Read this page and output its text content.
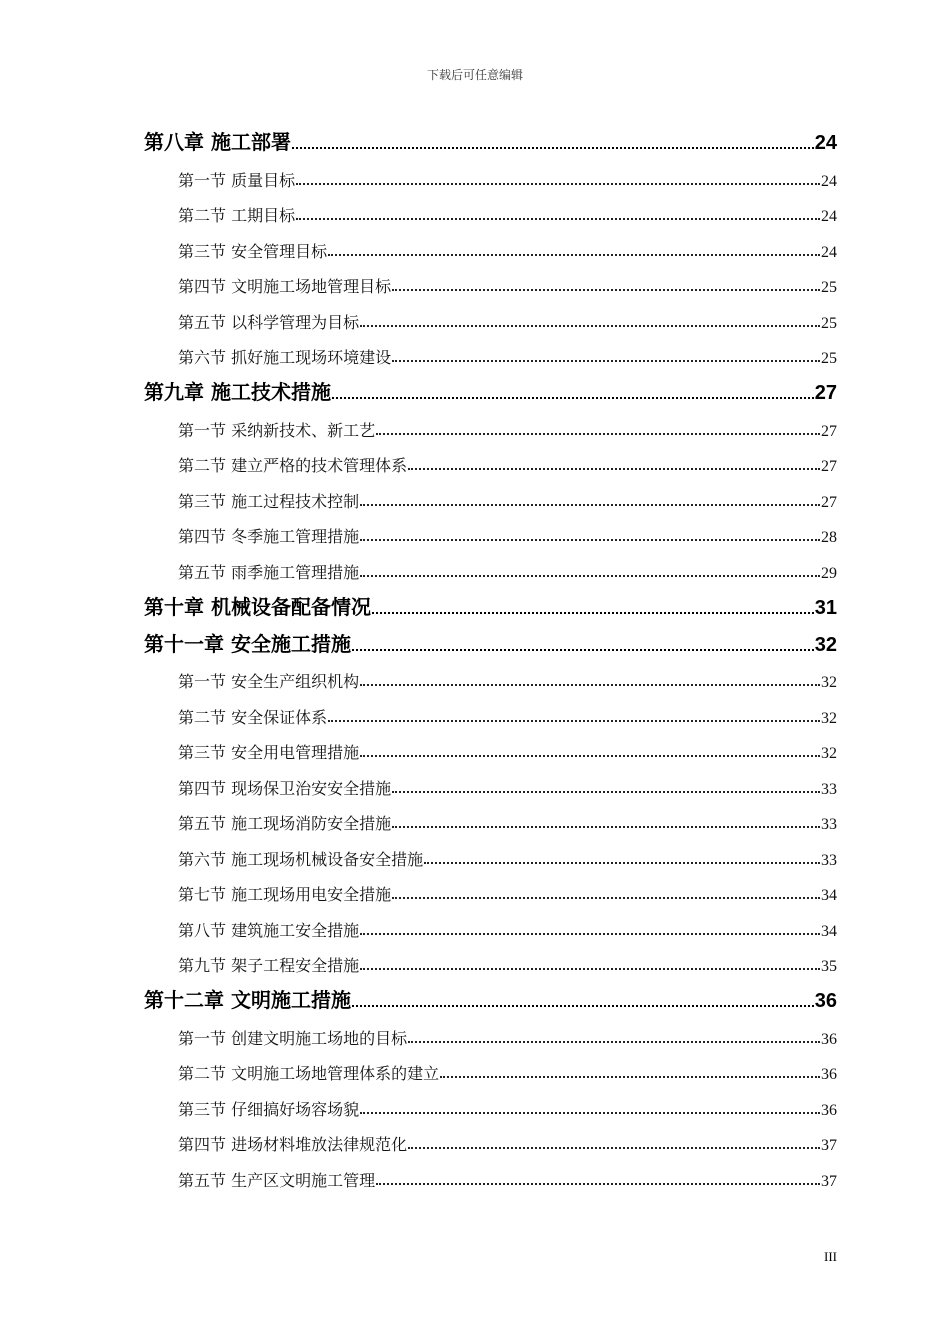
下载后可任意编辑
第八章 施工部署	24
第一节 质量目标	24
第二节 工期目标	24
第三节 安全管理目标	24
第四节 文明施工场地管理目标	25
第五节 以科学管理为目标	25
第六节 抓好施工现场环境建设	25
第九章 施工技术措施	27
第一节 采纳新技术、新工艺	27
第二节 建立严格的技术管理体系	27
第三节 施工过程技术控制	27
第四节 冬季施工管理措施	28
第五节 雨季施工管理措施	29
第十章 机械设备配备情况	31
第十一章 安全施工措施	32
第一节 安全生产组织机构	32
第二节 安全保证体系	32
第三节 安全用电管理措施	32
第四节 现场保卫治安安全措施	33
第五节 施工现场消防安全措施	33
第六节 施工现场机械设备安全措施	33
第七节 施工现场用电安全措施	34
第八节 建筑施工安全措施	34
第九节 架子工程安全措施	35
第十二章 文明施工措施	36
第一节 创建文明施工场地的目标	36
第二节 文明施工场地管理体系的建立	36
第三节 仔细搞好场容场貌	36
第四节 进场材料堆放法律规范化	37
第五节 生产区文明施工管理	37
III
